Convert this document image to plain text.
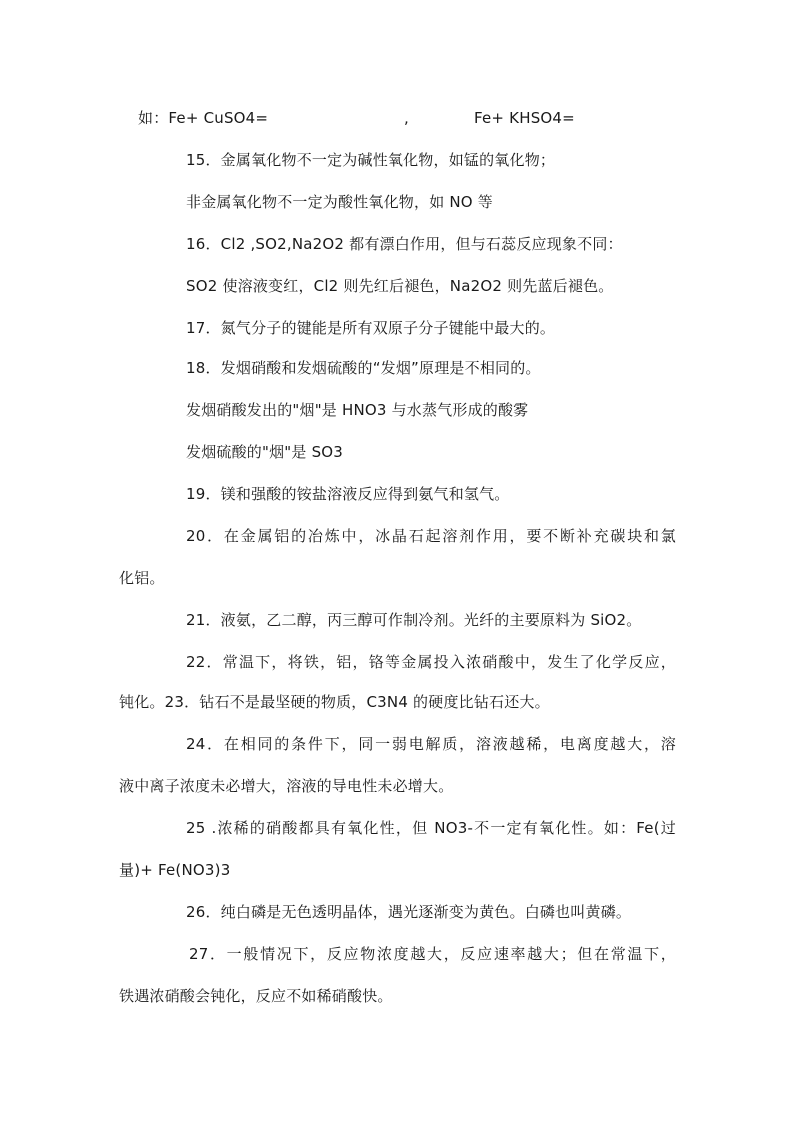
如：Fe+ CuSO4=	,	Fe+ KHSO4=
15．金属氧化物不一定为碱性氧化物，如锰的氧化物；
非金属氧化物不一定为酸性氧化物，如 NO 等
16．Cl2 ,SO2,Na2O2 都有漂白作用，但与石蕊反应现象不同：
SO2 使溶液变红，Cl2 则先红后褪色，Na2O2 则先蓝后褪色。
17．氮气分子的键能是所有双原子分子键能中最大的。
18．发烟硝酸和发烟硫酸的“发烟”原理是不相同的。
发烟硝酸发出的"烟"是 HNO3 与水蒸气形成的酸雾
发烟硫酸的"烟"是 SO3
19．镁和强酸的铵盐溶液反应得到氨气和氢气。
20．在金属铝的冶炼中，冰晶石起溶剂作用，要不断补充碳块和氯
化铝。
21．液氨，乙二醇，丙三醇可作制冷剂。光纤的主要原料为 SiO2。
22．常温下，将铁，铝，铬等金属投入浓硝酸中，发生了化学反应，
钝化。23．钻石不是最坚硬的物质，C3N4 的硬度比钻石还大。
24．在相同的条件下，同一弱电解质，溶液越稀，电离度越大，溶
液中离子浓度未必增大，溶液的导电性未必增大。
25 .浓稀的硝酸都具有氧化性，但 NO3-不一定有氧化性。如：Fe(过
量)+ Fe(NO3)3
26．纯白磷是无色透明晶体，遇光逐渐变为黄色。白磷也叫黄磷。
27．一般情况下，反应物浓度越大，反应速率越大；但在常温下，
铁遇浓硝酸会钝化，反应不如稀硝酸快。
